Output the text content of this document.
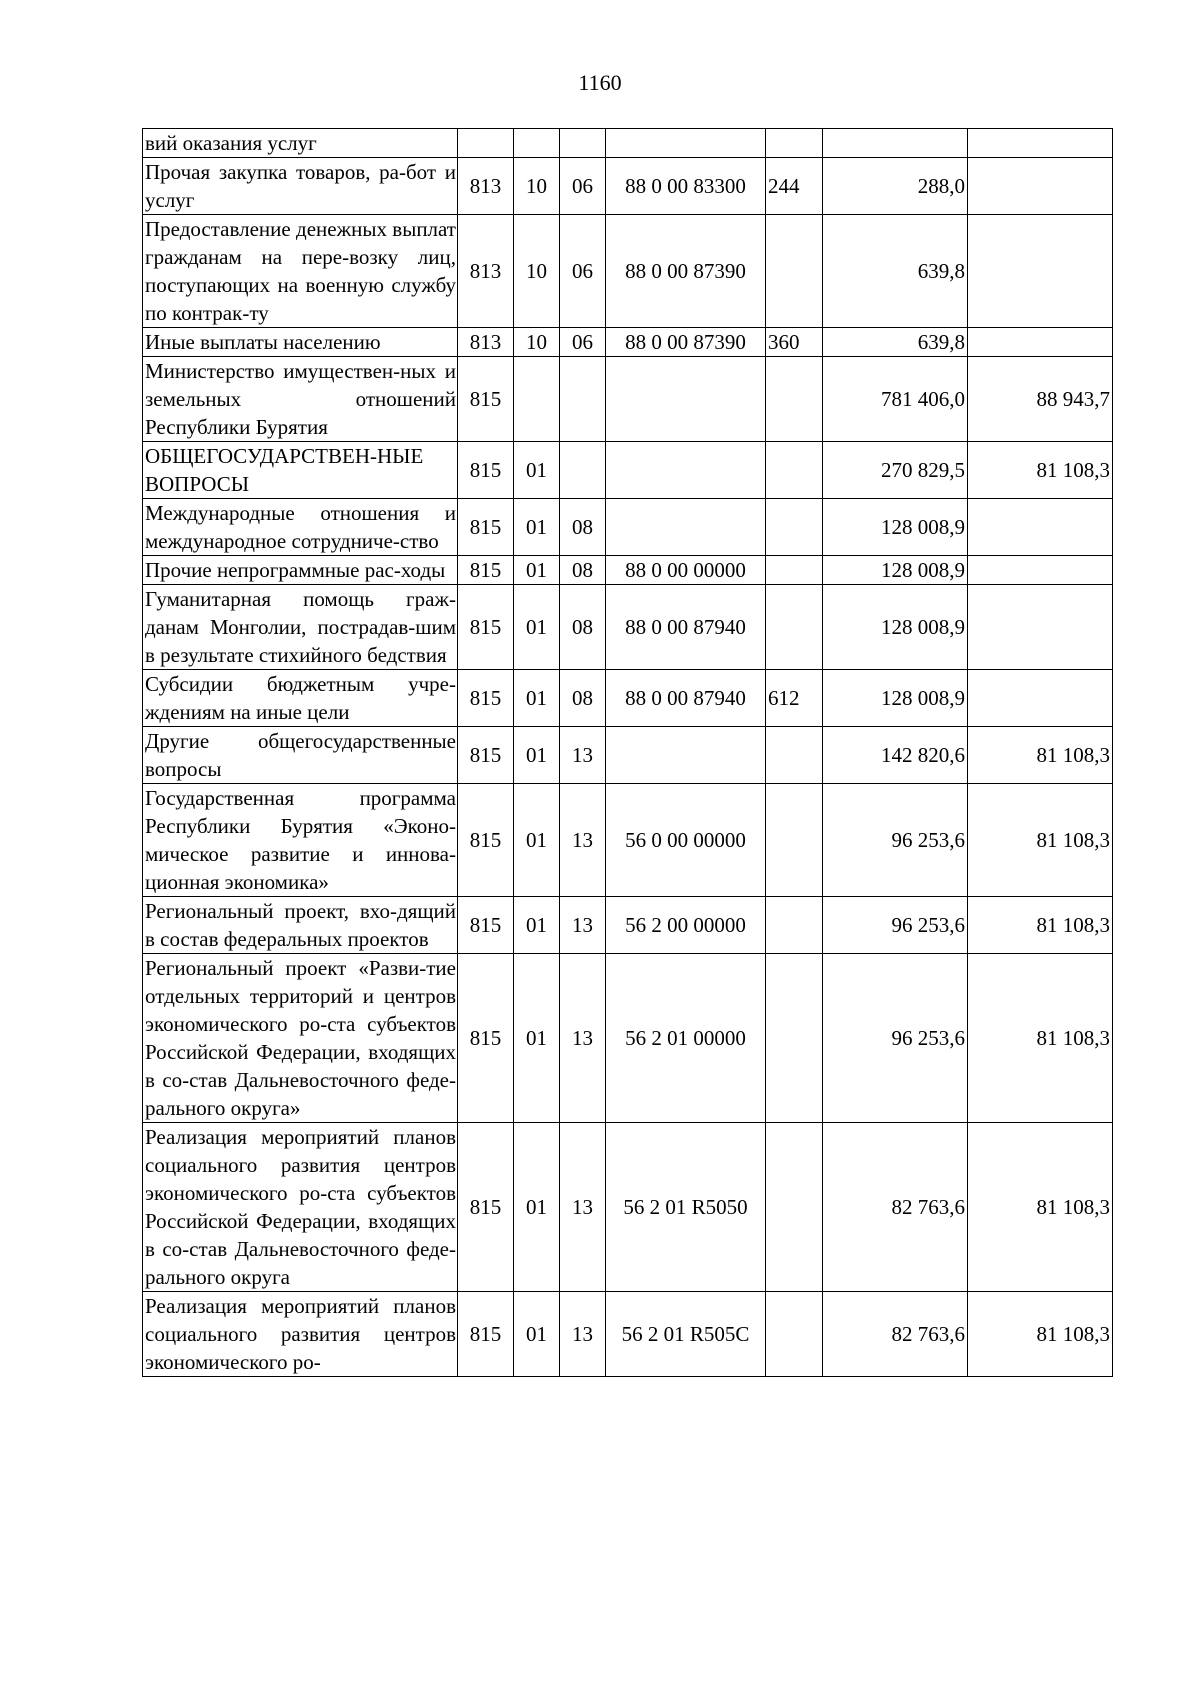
1160
вий оказания услуг							
Прочая закупка товаров, ра-бот и услуг	813	10	06	88 0 00 83300	244	288,0	
Предоставление денежных выплат гражданам на пере-возку лиц, поступающих на военную службу по контрак-ту	813	10	06	88 0 00 87390		639,8	
Иные выплаты населению	813	10	06	88 0 00 87390	360	639,8	
Министерство имуществен-ных и земельных отношений Республики Бурятия	815					781 406,0	88 943,7
ОБЩЕГОСУДАРСТВЕН-НЫЕ ВОПРОСЫ	815	01				270 829,5	81 108,3
Международные отношения и международное сотрудниче-ство	815	01	08			128 008,9	
Прочие непрограммные рас-ходы	815	01	08	88 0 00 00000		128 008,9	
Гуманитарная помощь граж-данам Монголии, пострадав-шим в результате стихийного бедствия	815	01	08	88 0 00 87940		128 008,9	
Субсидии бюджетным учре-ждениям на иные цели	815	01	08	88 0 00 87940	612	128 008,9	
Другие общегосударственные вопросы	815	01	13			142 820,6	81 108,3
Государственная программа Республики Бурятия «Эконо-мическое развитие и иннова-ционная экономика»	815	01	13	56 0 00 00000		96 253,6	81 108,3
Региональный проект, вхо-дящий в состав федеральных проектов	815	01	13	56 2 00 00000		96 253,6	81 108,3
Региональный проект «Разви-тие отдельных территорий и центров экономического ро-ста субъектов Российской Федерации, входящих в со-став Дальневосточного феде-рального округа»	815	01	13	56 2 01 00000		96 253,6	81 108,3
Реализация мероприятий планов социального развития центров экономического ро-ста субъектов Российской Федерации, входящих в со-став Дальневосточного феде-рального округа	815	01	13	56 2 01 R5050		82 763,6	81 108,3
Реализация мероприятий планов социального развития центров экономического ро-	815	01	13	56 2 01 R505C		82 763,6	81 108,3
